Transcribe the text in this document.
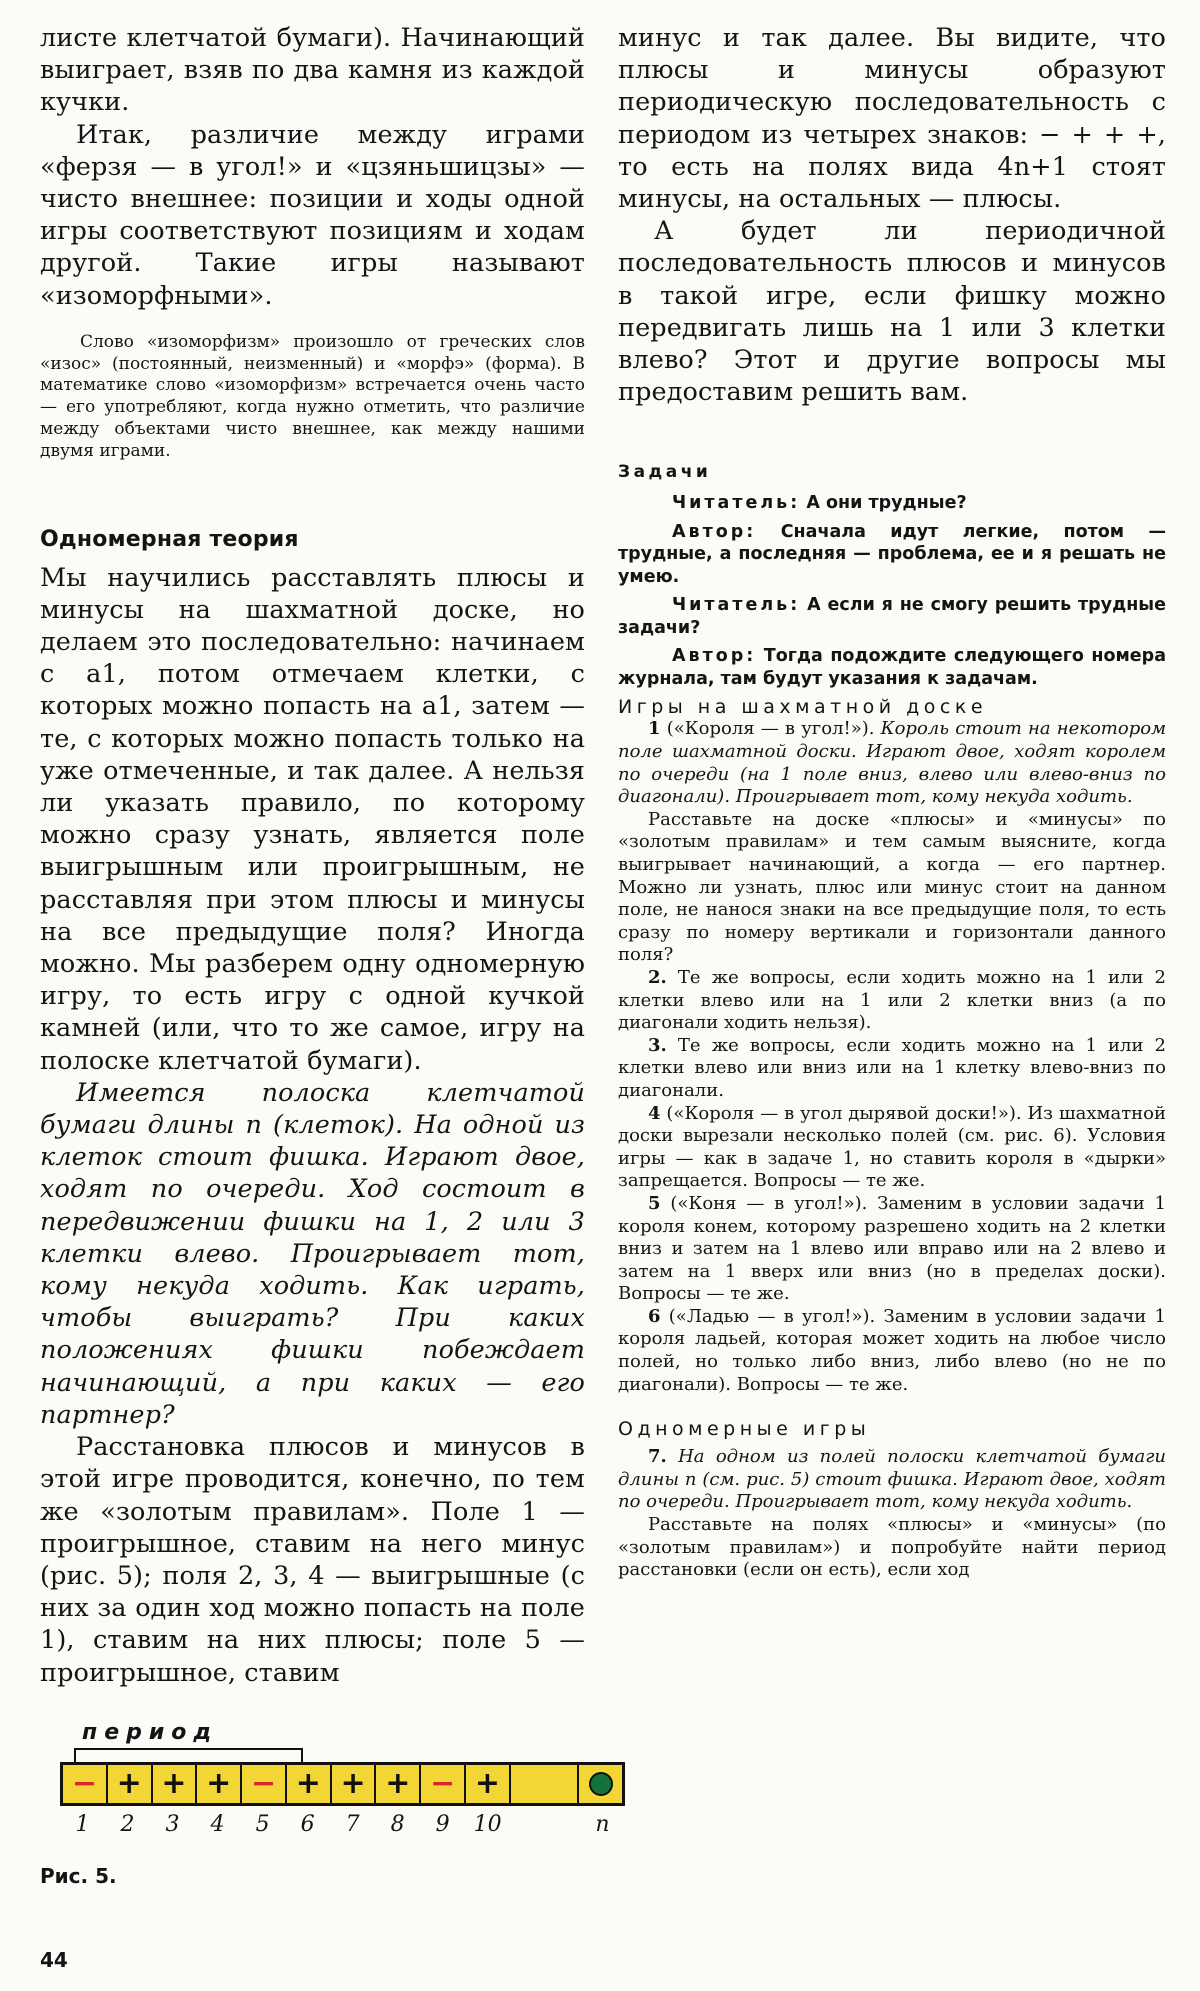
листе клетчатой бумаги). Начинающий выиграет, взяв по два камня из каждой кучки.

Итак, различие между играми «ферзя — в угол!» и «цзяньшицзы» — чисто внешнее: позиции и ходы одной игры соответствуют позициям и ходам другой. Такие игры называют «изоморфными».

Слово «изоморфизм» произошло от греческих слов «изос» (постоянный, неизменный) и «морфэ» (форма). В математике слово «изоморфизм» встречается очень часто — его употребляют, когда нужно отметить, что различие между объектами чисто внешнее, как между нашими двумя играми.

Одномерная теория

Мы научились расставлять плюсы и минусы на шахматной доске, но делаем это последовательно: начинаем с a1, потом отмечаем клетки, с которых можно попасть на a1, затем —те, с которых можно попасть только на уже отмеченные, и так далее. А нельзя ли указать правило, по которому можно сразу узнать, является поле выигрышным или проигрышным, не расставляя при этом плюсы и минусы на все предыдущие поля? Иногда можно. Мы разберем одну одномерную игру, то есть игру с одной кучкой камней (или, что то же самое, игру на полоске клетчатой бумаги).

Имеется полоска клетчатой бумаги длины n (клеток). На одной из клеток стоит фишка. Играют двое, ходят по очереди. Ход состоит в передвижении фишки на 1, 2 или 3 клетки влево. Проигрывает тот, кому некуда ходить. Как играть, чтобы выиграть? При каких положениях фишки побеждает начинающий, а при каких — его партнер?

Расстановка плюсов и минусов в этой игре проводится, конечно, по тем же «золотым правилам». Поле 1 — проигрышное, ставим на него минус (рис. 5); поля 2, 3, 4 — выигрышные (с них за один ход можно попасть на поле 1), ставим на них плюсы; поле 5 — проигрышное, ставим

период
− + + + − + + + − +
1	2	3	4	5	6	7	8	9	10	n
Рис. 5.

минус и так далее. Вы видите, что плюсы и минусы образуют периодическую последовательность с периодом из четырех знаков: − + + +, то есть на полях вида 4n+1 стоят минусы, на остальных — плюсы.

А будет ли периодичной последовательность плюсов и минусов в такой игре, если фишку можно передвигать лишь на 1 или 3 клетки влево? Этот и другие вопросы мы предоставим решить вам.

Задачи

Читатель: А они трудные?

Автор: Сначала идут легкие, потом — трудные, а последняя — проблема, ее и я решать не умею.

Читатель: А если я не смогу решить трудные задачи?

Автор: Тогда подождите следующего номера журнала, там будут указания к задачам.

Игры на шахматной доске

1 («Короля — в угол!»). Король стоит на некотором поле шахматной доски. Играют двое, ходят королем по очереди (на 1 поле вниз, влево или влево-вниз по диагонали). Проигрывает тот, кому некуда ходить.

Расставьте на доске «плюсы» и «минусы» по «золотым правилам» и тем самым выясните, когда выигрывает начинающий, а когда — его партнер. Можно ли узнать, плюс или минус стоит на данном поле, не нанося знаки на все предыдущие поля, то есть сразу по номеру вертикали и горизонтали данного поля?

2. Те же вопросы, если ходить можно на 1 или 2 клетки влево или на 1 или 2 клетки вниз (а по диагонали ходить нельзя).

3. Те же вопросы, если ходить можно на 1 или 2 клетки влево или вниз или на 1 клетку влево-вниз по диагонали.

4 («Короля — в угол дырявой доски!»). Из шахматной доски вырезали несколько полей (см. рис. 6). Условия игры — как в задаче 1, но ставить короля в «дырки» запрещается. Вопросы — те же.

5 («Коня — в угол!»). Заменим в условии задачи 1 короля конем, которому разрешено ходить на 2 клетки вниз и затем на 1 влево или вправо или на 2 влево и затем на 1 вверх или вниз (но в пределах доски). Вопросы — те же.

6 («Ладью — в угол!»). Заменим в условии задачи 1 короля ладьей, которая может ходить на любое число полей, но только либо вниз, либо влево (но не по диагонали). Вопросы — те же.

Одномерные игры

7. На одном из полей полоски клетчатой бумаги длины n (см. рис. 5) стоит фишка. Играют двое, ходят по очереди. Проигрывает тот, кому некуда ходить.

Расставьте на полях «плюсы» и «минусы» (по «золотым правилам») и попробуйте найти период расстановки (если он есть), если ход

44
